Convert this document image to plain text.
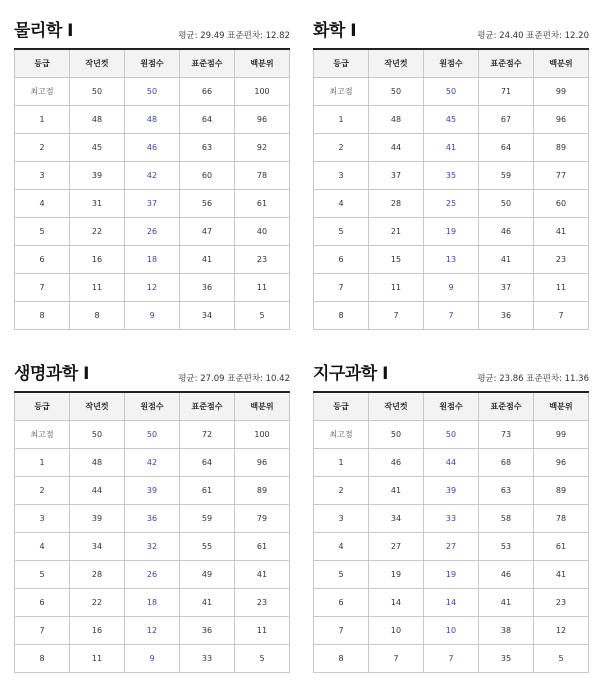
물리학 Ⅰ	평균: 29.49 표준편차: 12.82
등급	작년컷	원점수	표준점수	백분위
최고점	50	50	66	100
1	48	48	64	96
2	45	46	63	92
3	39	42	60	78
4	31	37	56	61
5	22	26	47	40
6	16	18	41	23
7	11	12	36	11
8	8	9	34	5
화학 Ⅰ	평균: 24.40 표준편차: 12.20
등급	작년컷	원점수	표준점수	백분위
최고점	50	50	71	99
1	48	45	67	96
2	44	41	64	89
3	37	35	59	77
4	28	25	50	60
5	21	19	46	41
6	15	13	41	23
7	11	9	37	11
8	7	7	36	7
생명과학 Ⅰ	평균: 27.09 표준편차: 10.42
등급	작년컷	원점수	표준점수	백분위
최고점	50	50	72	100
1	48	42	64	96
2	44	39	61	89
3	39	36	59	79
4	34	32	55	61
5	28	26	49	41
6	22	18	41	23
7	16	12	36	11
8	11	9	33	5
지구과학 Ⅰ	평균: 23.86 표준편차: 11.36
등급	작년컷	원점수	표준점수	백분위
최고점	50	50	73	99
1	46	44	68	96
2	41	39	63	89
3	34	33	58	78
4	27	27	53	61
5	19	19	46	41
6	14	14	41	23
7	10	10	38	12
8	7	7	35	5
